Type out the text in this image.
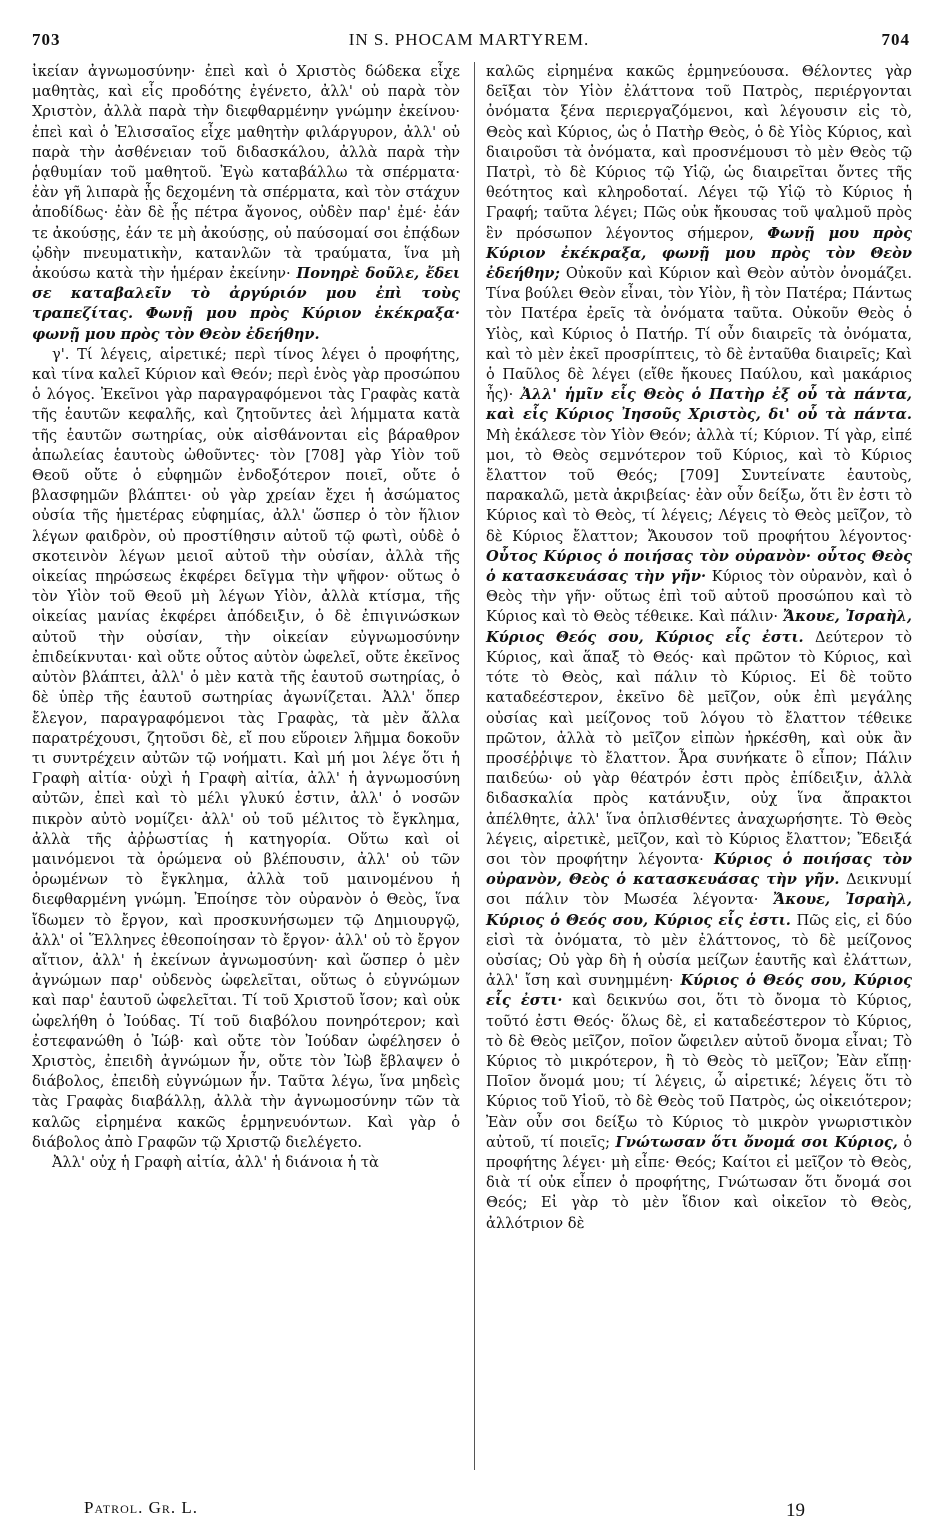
703	IN S. PHOCAM MARTYREM.	704

ἰκείαν ἀγνωμοσύνην· ἐπεὶ καὶ ὁ Χριστὸς δώδεκα εἶχε μαθητὰς, καὶ εἷς προδότης ἐγένετο, ἀλλ' οὐ παρὰ τὸν Χριστὸν, ἀλλὰ παρὰ τὴν διεφθαρμένην γνώμην ἐκείνου· ἐπεὶ καὶ ὁ Ἐλισσαῖος εἶχε μαθητὴν φιλάργυρον, ἀλλ' οὐ παρὰ τὴν ἀσθένειαν τοῦ διδασκάλου, ἀλλὰ παρὰ τὴν ῥᾳθυμίαν τοῦ μαθητοῦ. Ἐγὼ καταβάλλω τὰ σπέρματα· ἐὰν γῆ λιπαρὰ ᾖς δεχομένη τὰ σπέρματα, καὶ τὸν στάχυν ἀποδίδως· ἐὰν δὲ ᾖς πέτρα ἄγονος, οὐδὲν παρ' ἐμέ· ἐάν τε ἀκούσῃς, ἐάν τε μὴ ἀκούσῃς, οὐ παύσομαί σοι ἐπᾴδων ᾠδὴν πνευματικὴν, κατανλῶν τὰ τραύματα, ἵνα μὴ ἀκούσω κατὰ τὴν ἡμέραν ἐκείνην· Πονηρὲ δοῦλε, ἔδει σε καταβαλεῖν τὸ ἀργύριόν μου ἐπὶ τοὺς τραπεζίτας. Φωνῇ μου πρὸς Κύριον ἐκέκραξα· φωνῇ μου πρὸς τὸν Θεὸν ἐδεήθην.

γ'. Τί λέγεις, αἱρετικέ; περὶ τίνος λέγει ὁ προφήτης, καὶ τίνα καλεῖ Κύριον καὶ Θεόν; περὶ ἑνὸς γὰρ προσώπου ὁ λόγος. Ἐκεῖνοι γὰρ παραγραφόμενοι τὰς Γραφὰς κατὰ τῆς ἑαυτῶν κεφαλῆς, καὶ ζητοῦντες ἀεὶ λήμματα κατὰ τῆς ἑαυτῶν σωτηρίας, οὐκ αἰσθάνονται εἰς βάραθρον ἀπωλείας ἑαυτοὺς ὠθοῦντες· τὸν [708] γὰρ Υἱὸν τοῦ Θεοῦ οὔτε ὁ εὐφημῶν ἐνδοξότερον ποιεῖ, οὔτε ὁ βλασφημῶν βλάπτει· οὐ γὰρ χρείαν ἔχει ἡ ἀσώματος οὐσία τῆς ἡμετέρας εὐφημίας, ἀλλ' ὥσπερ ὁ τὸν ἥλιον λέγων φαιδρὸν, οὐ προστίθησιν αὐτοῦ τῷ φωτὶ, οὐδὲ ὁ σκοτεινὸν λέγων μειοῖ αὐτοῦ τὴν οὐσίαν, ἀλλὰ τῆς οἰκείας πηρώσεως ἐκφέρει δεῖγμα τὴν ψῆφον· οὕτως ὁ τὸν Υἱὸν τοῦ Θεοῦ μὴ λέγων Υἱὸν, ἀλλὰ κτίσμα, τῆς οἰκείας μανίας ἐκφέρει ἀπόδειξιν, ὁ δὲ ἐπιγινώσκων αὐτοῦ τὴν οὐσίαν, τὴν οἰκείαν εὐγνωμοσύνην ἐπιδείκνυται· καὶ οὔτε οὗτος αὐτὸν ὠφελεῖ, οὔτε ἐκεῖνος αὐτὸν βλάπτει, ἀλλ' ὁ μὲν κατὰ τῆς ἑαυτοῦ σωτηρίας, ὁ δὲ ὑπὲρ τῆς ἑαυτοῦ σωτηρίας ἀγωνίζεται. Ἀλλ' ὅπερ ἔλεγον, παραγραφόμενοι τὰς Γραφὰς, τὰ μὲν ἄλλα παρατρέχουσι, ζητοῦσι δὲ, εἴ που εὕροιεν λῆμμα δοκοῦν τι συντρέχειν αὐτῶν τῷ νοήματι. Καὶ μή μοι λέγε ὅτι ἡ Γραφὴ αἰτία· οὐχὶ ἡ Γραφὴ αἰτία, ἀλλ' ἡ ἀγνωμοσύνη αὐτῶν, ἐπεὶ καὶ τὸ μέλι γλυκύ ἐστιν, ἀλλ' ὁ νοσῶν πικρὸν αὐτὸ νομίζει· ἀλλ' οὐ τοῦ μέλιτος τὸ ἔγκλημα, ἀλλὰ τῆς ἀῤῥωστίας ἡ κατηγορία. Οὕτω καὶ οἱ μαινόμενοι τὰ ὁρώμενα οὐ βλέπουσιν, ἀλλ' οὐ τῶν ὁρωμένων τὸ ἔγκλημα, ἀλλὰ τοῦ μαινομένου ἡ διεφθαρμένη γνώμη. Ἐποίησε τὸν οὐρανὸν ὁ Θεὸς, ἵνα ἴδωμεν τὸ ἔργον, καὶ προσκυνήσωμεν τῷ Δημιουργῷ, ἀλλ' οἱ Ἕλληνες ἐθεοποίησαν τὸ ἔργον· ἀλλ' οὐ τὸ ἔργον αἴτιον, ἀλλ' ἡ ἐκείνων ἀγνωμοσύνη· καὶ ὥσπερ ὁ μὲν ἀγνώμων παρ' οὐδενὸς ὠφελεῖται, οὕτως ὁ εὐγνώμων καὶ παρ' ἑαυτοῦ ὠφελεῖται. Τί τοῦ Χριστοῦ ἴσον; καὶ οὐκ ὠφελήθη ὁ Ἰούδας. Τί τοῦ διαβόλου πονηρότερον; καὶ ἐστεφανώθη ὁ Ἰώβ· καὶ οὔτε τὸν Ἰούδαν ὠφέλησεν ὁ Χριστὸς, ἐπειδὴ ἀγνώμων ἦν, οὔτε τὸν Ἰὼβ ἔβλαψεν ὁ διάβολος, ἐπειδὴ εὐγνώμων ἦν. Ταῦτα λέγω, ἵνα μηδεὶς τὰς Γραφὰς διαβάλλῃ, ἀλλὰ τὴν ἀγνωμοσύνην τῶν τὰ καλῶς εἰρημένα κακῶς ἑρμηνευόντων. Καὶ γὰρ ὁ διάβολος ἀπὸ Γραφῶν τῷ Χριστῷ διελέγετο.

Ἀλλ' οὐχ ἡ Γραφὴ αἰτία, ἀλλ' ἡ διάνοια ἡ τὰ

καλῶς εἰρημένα κακῶς ἑρμηνεύουσα. Θέλοντες γὰρ δεῖξαι τὸν Υἱὸν ἐλάττονα τοῦ Πατρὸς, περιέργονται ὀνόματα ξένα περιεργαζόμενοι, καὶ λέγουσιν εἰς τὸ, Θεὸς καὶ Κύριος, ὡς ὁ Πατὴρ Θεὸς, ὁ δὲ Υἱὸς Κύριος, καὶ διαιροῦσι τὰ ὀνόματα, καὶ προσνέμουσι τὸ μὲν Θεὸς τῷ Πατρὶ, τὸ δὲ Κύριος τῷ Υἱῷ, ὡς διαιρεῖται ὄντες τῆς θεότητος καὶ κληροδοταί. Λέγει τῷ Υἱῷ τὸ Κύριος ἡ Γραφή; ταῦτα λέγει; Πῶς οὐκ ἤκουσας τοῦ ψαλμοῦ πρὸς ἓν πρόσωπον λέγοντος σήμερον, Φωνῇ μου πρὸς Κύριον ἐκέκραξα, φωνῇ μου πρὸς τὸν Θεὸν ἐδεήθην; Οὐκοῦν καὶ Κύριον καὶ Θεὸν αὐτὸν ὀνομάζει. Τίνα βούλει Θεὸν εἶναι, τὸν Υἱὸν, ἢ τὸν Πατέρα; Πάντως τὸν Πατέρα ἐρεῖς τὰ ὀνόματα ταῦτα. Οὐκοῦν Θεὸς ὁ Υἱὸς, καὶ Κύριος ὁ Πατήρ. Τί οὖν διαιρεῖς τὰ ὀνόματα, καὶ τὸ μὲν ἐκεῖ προσρίπτεις, τὸ δὲ ἐνταῦθα διαιρεῖς; Καὶ ὁ Παῦλος δὲ λέγει (εἴθε ἤκουες Παύλου, καὶ μακάριος ἦς)· Ἀλλ' ἡμῖν εἷς Θεὸς ὁ Πατὴρ ἐξ οὗ τὰ πάντα, καὶ εἷς Κύριος Ἰησοῦς Χριστὸς, δι' οὗ τὰ πάντα. Μὴ ἐκάλεσε τὸν Υἱὸν Θεόν; ἀλλὰ τί; Κύριον. Τί γὰρ, εἰπέ μοι, τὸ Θεὸς σεμνότερον τοῦ Κύριος, καὶ τὸ Κύριος ἔλαττον τοῦ Θεός; [709] Συντείνατε ἑαυτοὺς, παρακαλῶ, μετὰ ἀκριβείας· ἐὰν οὖν δείξω, ὅτι ἓν ἐστι τὸ Κύριος καὶ τὸ Θεὸς, τί λέγεις; Λέγεις τὸ Θεὸς μεῖζον, τὸ δὲ Κύριος ἔλαττον; Ἄκουσον τοῦ προφήτου λέγοντος· Οὗτος Κύριος ὁ ποιήσας τὸν οὐρανὸν· οὗτος Θεὸς ὁ κατασκευάσας τὴν γῆν· Κύριος τὸν οὐρανὸν, καὶ ὁ Θεὸς τὴν γῆν· οὕτως ἐπὶ τοῦ αὐτοῦ προσώπου καὶ τὸ Κύριος καὶ τὸ Θεὸς τέθεικε. Καὶ πάλιν· Ἄκουε, Ἰσραὴλ, Κύριος Θεός σου, Κύριος εἷς ἐστι. Δεύτερον τὸ Κύριος, καὶ ἅπαξ τὸ Θεός· καὶ πρῶτον τὸ Κύριος, καὶ τότε τὸ Θεὸς, καὶ πάλιν τὸ Κύριος. Εἰ δὲ τοῦτο καταδεέστερον, ἐκεῖνο δὲ μεῖζον, οὐκ ἐπὶ μεγάλης οὐσίας καὶ μείζονος τοῦ λόγου τὸ ἔλαττον τέθεικε πρῶτον, ἀλλὰ τὸ μεῖζον εἰπὼν ἠρκέσθη, καὶ οὐκ ἂν προσέῤῥιψε τὸ ἔλαττον. Ἆρα συνήκατε ὃ εἶπον; Πάλιν παιδεύω· οὐ γὰρ θέατρόν ἐστι πρὸς ἐπίδειξιν, ἀλλὰ διδασκαλία πρὸς κατάνυξιν, οὐχ ἵνα ἄπρακτοι ἀπέλθητε, ἀλλ' ἵνα ὁπλισθέντες ἀναχωρήσητε. Τὸ Θεὸς λέγεις, αἱρετικὲ, μεῖζον, καὶ τὸ Κύριος ἔλαττον; Ἔδειξά σοι τὸν προφήτην λέγοντα· Κύριος ὁ ποιήσας τὸν οὐρανὸν, Θεὸς ὁ κατασκευάσας τὴν γῆν. Δεικνυμί σοι πάλιν τὸν Μωσέα λέγοντα· Ἄκουε, Ἰσραὴλ, Κύριος ὁ Θεός σου, Κύριος εἷς ἐστι. Πῶς εἰς, εἰ δύο εἰσὶ τὰ ὀνόματα, τὸ μὲν ἐλάττονος, τὸ δὲ μείζονος οὐσίας; Οὐ γὰρ δὴ ἡ οὐσία μείζων ἑαυτῆς καὶ ἐλάττων, ἀλλ' ἴση καὶ συνημμένη· Κύριος ὁ Θεός σου, Κύριος εἷς ἐστι· καὶ δεικνύω σοι, ὅτι τὸ ὄνομα τὸ Κύριος, τοῦτό ἐστι Θεός· ὅλως δὲ, εἰ καταδεέστερον τὸ Κύριος, τὸ δὲ Θεὸς μεῖζον, ποῖον ὤφειλεν αὐτοῦ ὄνομα εἶναι; Τὸ Κύριος τὸ μικρότερον, ἢ τὸ Θεὸς τὸ μεῖζον; Ἐὰν εἴπῃ· Ποῖον ὄνομά μου; τί λέγεις, ὦ αἱρετικέ; λέγεις ὅτι τὸ Κύριος τοῦ Υἱοῦ, τὸ δὲ Θεὸς τοῦ Πατρὸς, ὡς οἰκειότερον; Ἐὰν οὖν σοι δείξω τὸ Κύριος τὸ μικρὸν γνωριστικὸν αὐτοῦ, τί ποιεῖς; Γνώτωσαν ὅτι ὄνομά σοι Κύριος, ὁ προφήτης λέγει· μὴ εἶπε· Θεός; Καίτοι εἰ μεῖζον τὸ Θεὸς, διὰ τί οὐκ εἶπεν ὁ προφήτης, Γνώτωσαν ὅτι ὄνομά σοι Θεός; Εἰ γὰρ τὸ μὲν ἴδιον καὶ οἰκεῖον τὸ Θεὸς, ἀλλότριον δὲ

Patrol. Gr. L.	19
